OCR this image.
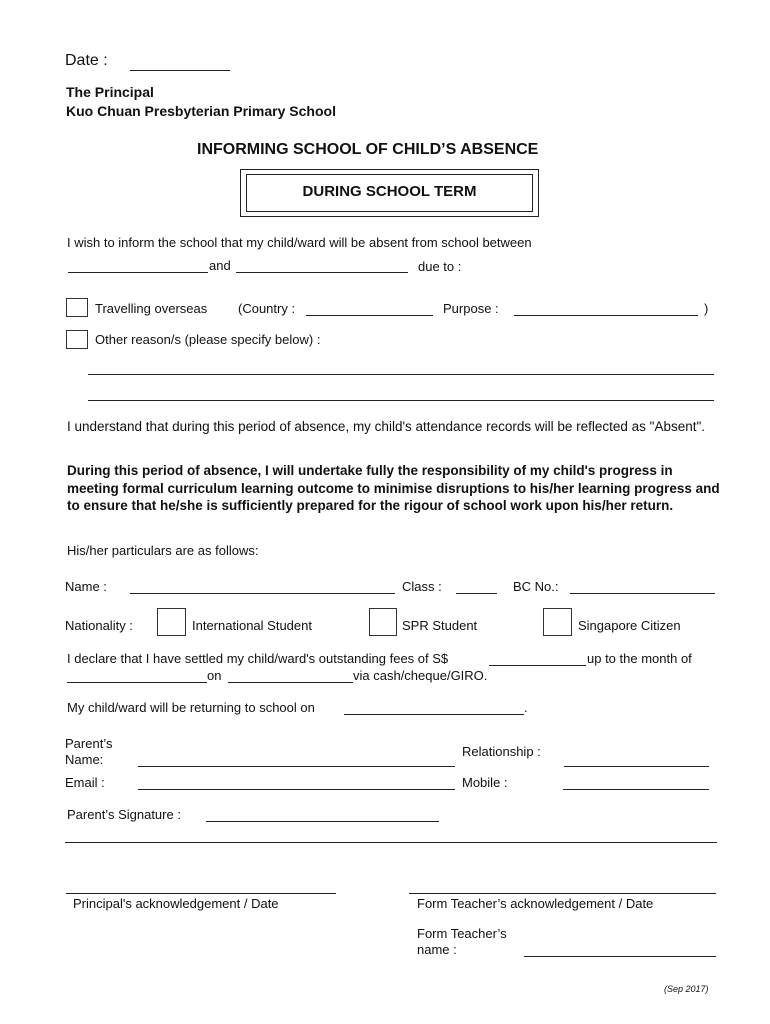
Date :
The Principal
Kuo Chuan Presbyterian Primary School
INFORMING SCHOOL OF CHILD’S ABSENCE
DURING SCHOOL TERM
I wish to inform the school that my child/ward will be absent from school between
and	due to :
Travelling overseas (Country :	Purpose :	)
Other reason/s (please specify below) :
I understand that during this period of absence, my child's attendance records will be reflected as "Absent".
During this period of absence, I will undertake fully the responsibility of my child's progress in meeting formal curriculum learning outcome to minimise disruptions to his/her learning progress and to ensure that he/she is sufficiently prepared for the rigour of school work upon his/her return.
His/her particulars are as follows:
Name :	Class :	BC No.:
Nationality :	International Student	SPR Student	Singapore Citizen
I declare that I have settled my child/ward's outstanding fees of S$	up to the month of
on	via cash/cheque/GIRO.
My child/ward will be returning to school on	.
Parent’s
Name:
Relationship :
Email :	Mobile :
Parent’s Signature :
Principal's acknowledgement / Date	Form Teacher’s acknowledgement / Date
Form Teacher’s
name :
(Sep 2017)
